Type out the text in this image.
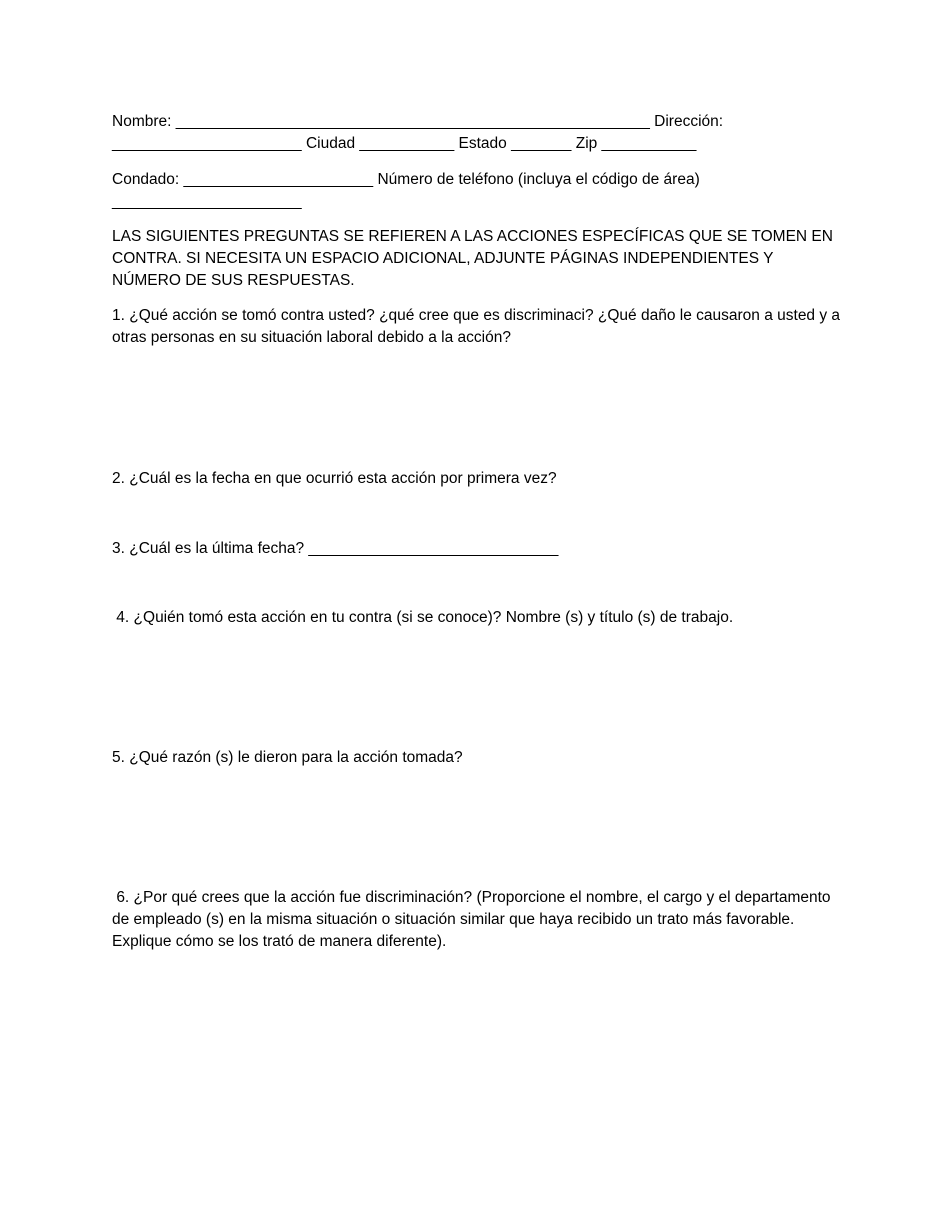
Nombre: _______________________________________________________ Dirección:
______________________ Ciudad ___________ Estado _______ Zip ___________
Condado: ______________________ Número de teléfono (incluya el código de área)
______________________
LAS SIGUIENTES PREGUNTAS SE REFIEREN A LAS ACCIONES ESPECÍFICAS QUE SE TOMEN EN CONTRA. SI NECESITA UN ESPACIO ADICIONAL, ADJUNTE PÁGINAS INDEPENDIENTES Y NÚMERO DE SUS RESPUESTAS.
1. ¿Qué acción se tomó contra usted? ¿qué cree que es discriminaci? ¿Qué daño le causaron a usted y a otras personas en su situación laboral debido a la acción?
2. ¿Cuál es la fecha en que ocurrió esta acción por primera vez?
3. ¿Cuál es la última fecha? _____________________________
4. ¿Quién tomó esta acción en tu contra (si se conoce)? Nombre (s) y título (s) de trabajo.
5. ¿Qué razón (s) le dieron para la acción tomada?
6. ¿Por qué crees que la acción fue discriminación? (Proporcione el nombre, el cargo y el departamento de empleado (s) en la misma situación o situación similar que haya recibido un trato más favorable. Explique cómo se los trató de manera diferente).
